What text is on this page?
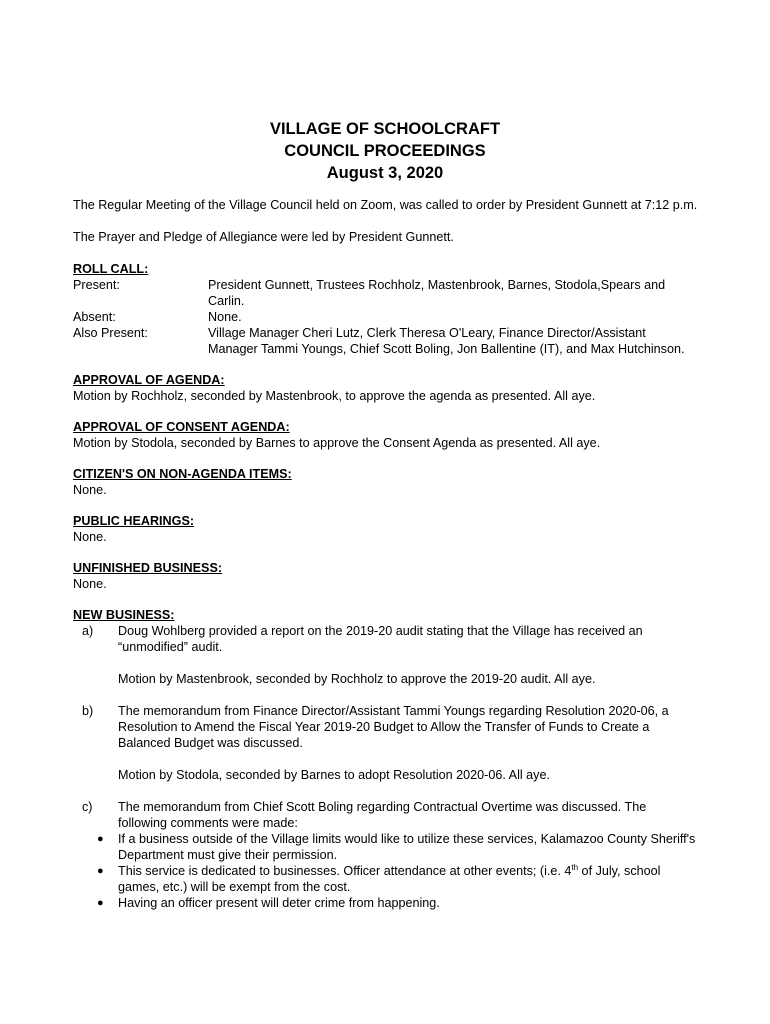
VILLAGE OF SCHOOLCRAFT
COUNCIL PROCEEDINGS
August 3, 2020

The Regular Meeting of the Village Council held on Zoom, was called to order by President Gunnett at 7:12 p.m.

The Prayer and Pledge of Allegiance were led by President Gunnett.

ROLL CALL:
Present:	President Gunnett, Trustees Rochholz, Mastenbrook, Barnes, Stodola,Spears and Carlin.
Absent:	None.
Also Present:	Village Manager Cheri Lutz, Clerk Theresa O'Leary, Finance Director/Assistant Manager Tammi Youngs, Chief Scott Boling, Jon Ballentine (IT), and Max Hutchinson.
APPROVAL OF AGENDA:
Motion by Rochholz, seconded by Mastenbrook, to approve the agenda as presented. All aye.
APPROVAL OF CONSENT AGENDA:
Motion by Stodola, seconded by Barnes to approve the Consent Agenda as presented. All aye.
CITIZEN'S ON NON-AGENDA ITEMS:
None.
PUBLIC HEARINGS:
None.
UNFINISHED BUSINESS:
None.
NEW BUSINESS:
a)	Doug Wohlberg provided a report on the 2019-20 audit stating that the Village has received an “unmodified” audit.
Motion by Mastenbrook, seconded by Rochholz to approve the 2019-20 audit. All aye.
b)	The memorandum from Finance Director/Assistant Tammi Youngs regarding Resolution 2020-06, a Resolution to Amend the Fiscal Year 2019-20 Budget to Allow the Transfer of Funds to Create a Balanced Budget was discussed.
Motion by Stodola, seconded by Barnes to adopt Resolution 2020-06. All aye.
c)	The memorandum from Chief Scott Boling regarding Contractual Overtime was discussed. The following comments were made:
●	If a business outside of the Village limits would like to utilize these services, Kalamazoo County Sheriff's Department must give their permission.
●	This service is dedicated to businesses. Officer attendance at other events; (i.e. 4th of July, school games, etc.) will be exempt from the cost.
●	Having an officer present will deter crime from happening.
